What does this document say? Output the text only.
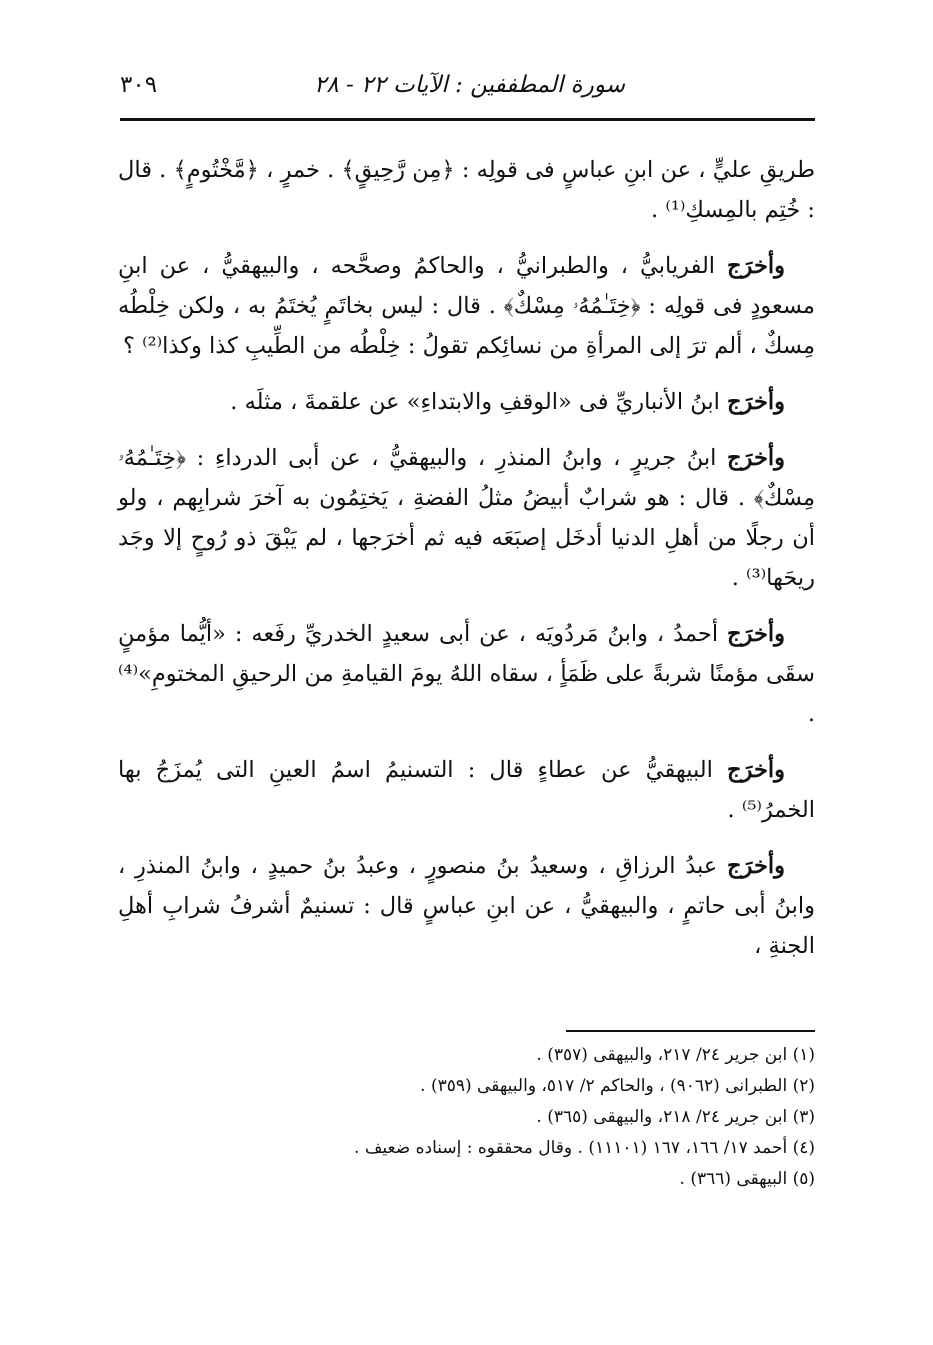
سورة المطففين : الآيات ٢٢ - ٢٨
٣٠٩

طريقِ عليٍّ ، عن ابنِ عباسٍ فى قولِه : ﴿مِن رَّحِيقٍ﴾ . خمرٍ ، ﴿مَّخْتُومٍ﴾ . قال : خُتِم بالمِسكِ⁽¹⁾ .

وأخرَج الفريابيُّ ، والطبرانيُّ ، والحاكمُ وصحَّحه ، والبيهقيُّ ، عن ابنِ مسعودٍ فى قولِه : ﴿خِتَـٰمُهُۥ مِسْكٌ﴾ . قال : ليس بخاتَمٍ يُختَمُ به ، ولكن خِلْطُه مِسكٌ ، ألم ترَ إلى المرأةِ من نسائِكم تقولُ : خِلْطُه من الطِّيبِ كذا وكذا⁽²⁾ ؟

وأخرَج ابنُ الأنباريِّ فى «الوقفِ والابتداءِ» عن علقمةَ ، مثلَه .

وأخرَج ابنُ جريرٍ ، وابنُ المنذرِ ، والبيهقيُّ ، عن أبى الدرداءِ : ﴿خِتَـٰمُهُۥ مِسْكٌ﴾ . قال : هو شرابٌ أبيضُ مثلُ الفضةِ ، يَختِمُون به آخرَ شرابِهم ، ولو أن رجلًا من أهلِ الدنيا أدخَل إصبَعَه فيه ثم أخرَجها ، لم يَبْقَ ذو رُوحٍ إلا وجَد ريحَها⁽³⁾ .

وأخرَج أحمدُ ، وابنُ مَردُويَه ، عن أبى سعيدٍ الخدريِّ رفَعه : «أيُّما مؤمنٍ سقَى مؤمنًا شربةً على ظَمَأٍ ، سقاه اللهُ يومَ القيامةِ من الرحيقِ المختومِ»⁽⁴⁾ .

وأخرَج البيهقيُّ عن عطاءٍ قال : التسنيمُ اسمُ العينِ التى يُمزَجُ بها الخمرُ⁽⁵⁾ .

وأخرَج عبدُ الرزاقِ ، وسعيدُ بنُ منصورٍ ، وعبدُ بنُ حميدٍ ، وابنُ المنذرِ ، وابنُ أبى حاتمٍ ، والبيهقيُّ ، عن ابنِ عباسٍ قال : تسنيمٌ أشرفُ شرابِ أهلِ الجنةِ ،

(١) ابن جرير ٢٤/ ٢١٧، والبيهقى (٣٥٧) .

(٢) الطبرانى (٩٠٦٢) ، والحاكم ٢/ ٥١٧، والبيهقى (٣٥٩) .

(٣) ابن جرير ٢٤/ ٢١٨، والبيهقى (٣٦٥) .

(٤) أحمد ١٧/ ١٦٦، ١٦٧ (١١١٠١) . وقال محققوه : إسناده ضعيف .

(٥) البيهقى (٣٦٦) .
